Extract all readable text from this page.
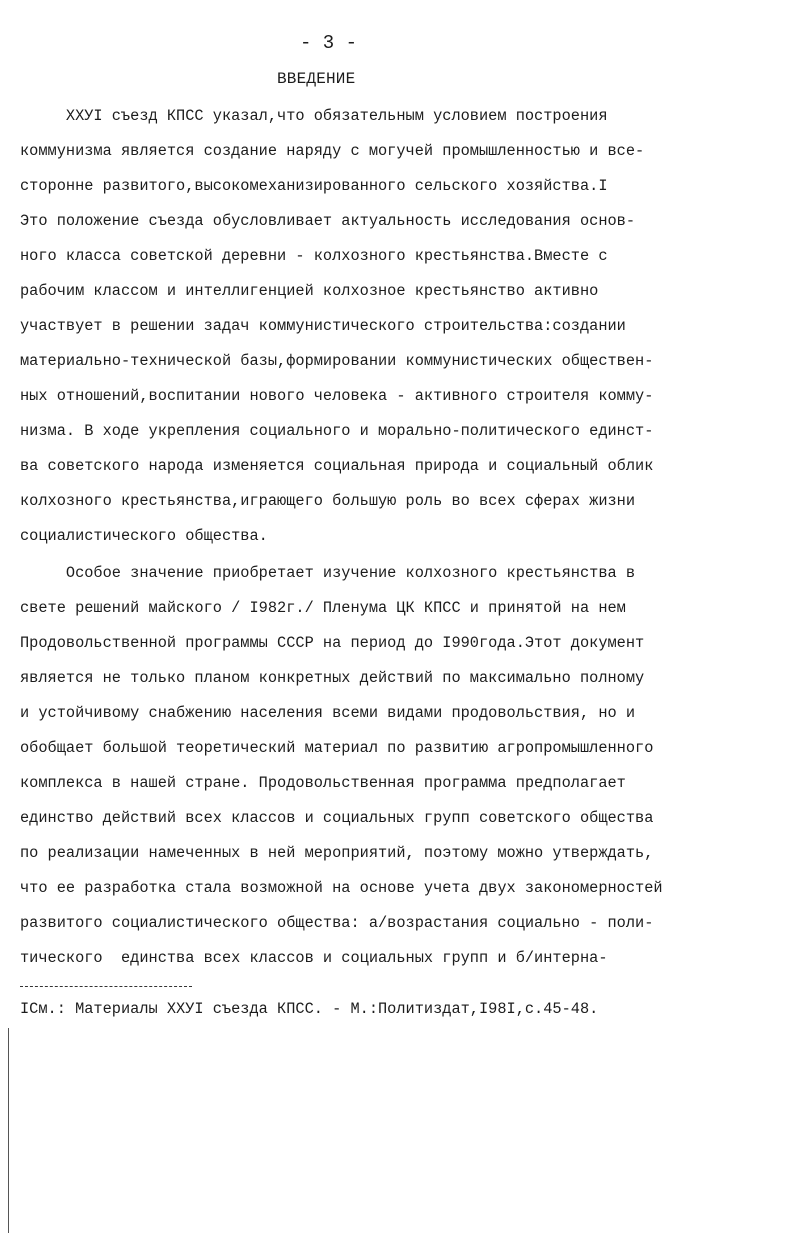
- 3 -
ВВЕДЕНИЕ
ХХУI съезд КПСС указал,что обязательным условием построения
коммунизма является создание наряду с могучей промышленностью и все-
сторонне развитого,высокомеханизированного сельского хозяйства.I
Это положение съезда обусловливает актуальность исследования основ-
ного класса советской деревни - колхозного крестьянства.Вместе с
рабочим классом и интеллигенцией колхозное крестьянство активно
участвует в решении задач коммунистического строительства:создании
материально-технической базы,формировании коммунистических обществен-
ных отношений,воспитании нового человека - активного строителя комму-
низма. В ходе укрепления социального и морально-политического единст-
ва советского народа изменяется социальная природа и социальный облик
колхозного крестьянства,играющего большую роль во всех сферах жизни
социалистического общества.
Особое значение приобретает изучение колхозного крестьянства в
свете решений майского / I982г./ Пленума ЦК КПСС и принятой на нем
Продовольственной программы СССР на период до I990года.Этот документ
является не только планом конкретных действий по максимально полному
и устойчивому снабжению населения всеми видами продовольствия, но и
обобщает большой теоретический материал по развитию агропромышленного
комплекса в нашей стране. Продовольственная программа предполагает
единство действий всех классов и социальных групп советского общества
по реализации намеченных в ней мероприятий, поэтому можно утверждать,
что ее разработка стала возможной на основе учета двух закономерностей
развитого социалистического общества: а/возрастания социально - поли-
тического  единства всех классов и социальных групп и б/интерна-
IСм.: Материалы ХХУI съезда КПСС. - М.:Политиздат,I98I,с.45-48.
